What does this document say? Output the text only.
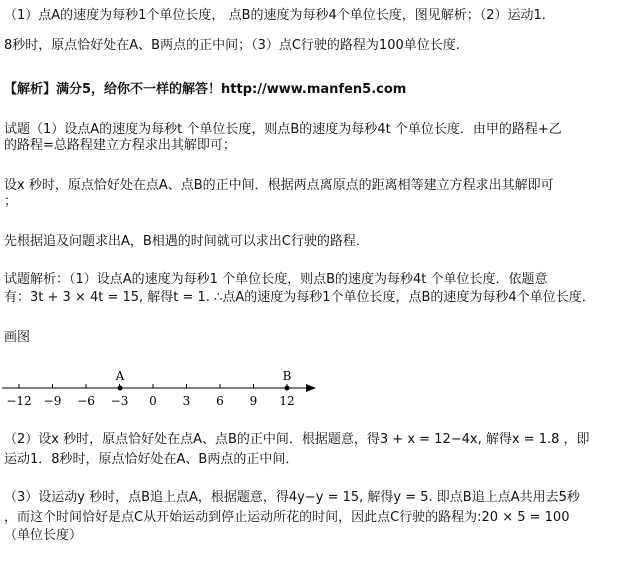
（1）点A的速度为每秒1个单位长度， 点B的速度为每秒4个单位长度，图见解析；（2）运动1.
8秒时，原点恰好处在A、B两点的正中间；（3）点C行驶的路程为100单位长度.
【解析】满分5，给你不一样的解答！http://www.manfen5.com
试题（1）设点A的速度为每秒t 个单位长度，则点B的速度为每秒4t 个单位长度．由甲的路程+乙
的路程=总路程建立方程求出其解即可；
设x 秒时，原点恰好处在点A、点B的正中间．根据两点离原点的距离相等建立方程求出其解即可
；
先根据追及问题求出A，B相遇的时间就可以求出C行驶的路程．
试题解析：（1）设点A的速度为每秒1 个单位长度，则点B的速度为每秒4t 个单位长度．依题意
有：3t + 3 × 4t = 15, 解得t = 1. ∴点A的速度为每秒1个单位长度，点B的速度为每秒4个单位长度．
画图
−12 −9 −6 −3 0 3 6 9 12
A	B
（2）设x 秒时，原点恰好处在点A、点B的正中间．根据题意，得3 + x = 12−4x, 解得x = 1.8 ，即
运动1．8秒时，原点恰好处在A、B两点的正中间．
（3）设运动y 秒时，点B追上点A，根据题意，得4y−y = 15, 解得y = 5. 即点B追上点A共用去5秒
，而这个时间恰好是点C从开始运动到停止运动所花的时间，因此点C行驶的路程为:20 × 5 = 100
（单位长度）
